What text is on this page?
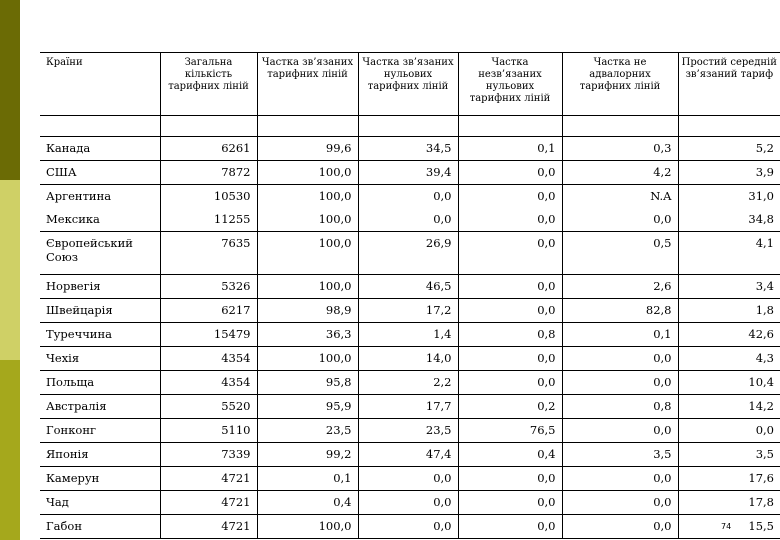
Країни	Загальна кількість тарифних ліній	Частка зв’язаних тарифних ліній	Частка зв’язаних нульових тарифних ліній	Частка незв’язаних нульових тарифних ліній	Частка не адвалорних тарифних ліній	Простий середній зв’язаний тариф

Канада	6261	99,6	34,5	0,1	0,3	5,2
США	7872	100,0	39,4	0,0	4,2	3,9
Аргентина	10530	100,0	0,0	0,0	N.A	31,0
Мексика	11255	100,0	0,0	0,0	0,0	34,8
Європейський Союз	7635	100,0	26,9	0,0	0,5	4,1
Норвегія	5326	100,0	46,5	0,0	2,6	3,4
Швейцарія	6217	98,9	17,2	0,0	82,8	1,8
Туреччина	15479	36,3	1,4	0,8	0,1	42,6
Чехія	4354	100,0	14,0	0,0	0,0	4,3
Польща	4354	95,8	2,2	0,0	0,0	10,4
Австралія	5520	95,9	17,7	0,2	0,8	14,2
Гонконг	5110	23,5	23,5	76,5	0,0	0,0
Японія	7339	99,2	47,4	0,4	3,5	3,5
Камерун	4721	0,1	0,0	0,0	0,0	17,6
Чад	4721	0,4	0,0	0,0	0,0	17,8
Габон	4721	100,0	0,0	0,0	0,0	15,5
74
